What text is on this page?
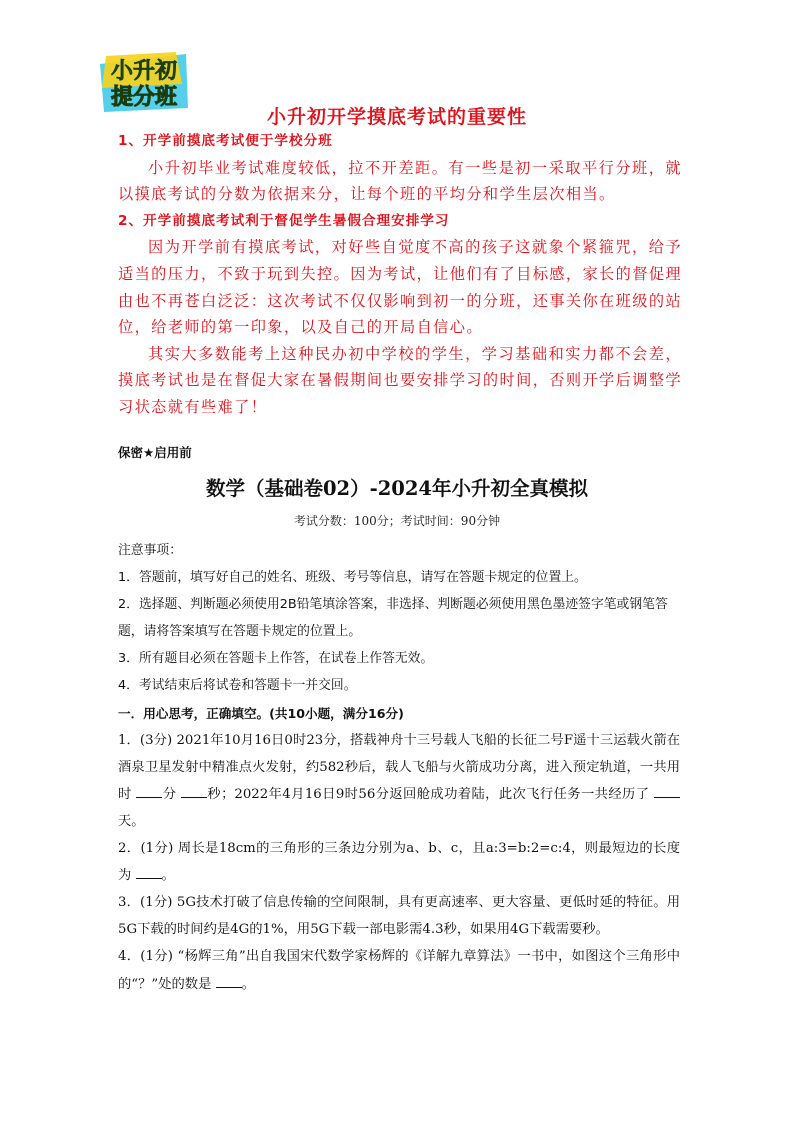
小升初
提分班
小升初开学摸底考试的重要性
1、开学前摸底考试便于学校分班
小升初毕业考试难度较低，拉不开差距。有一些是初一采取平行分班，就以摸底考试的分数为依据来分，让每个班的平均分和学生层次相当。
2、开学前摸底考试利于督促学生暑假合理安排学习
因为开学前有摸底考试，对好些自觉度不高的孩子这就象个紧箍咒，给予适当的压力，不致于玩到失控。因为考试，让他们有了目标感，家长的督促理由也不再苍白泛泛：这次考试不仅仅影响到初一的分班，还事关你在班级的站位，给老师的第一印象，以及自己的开局自信心。
其实大多数能考上这种民办初中学校的学生，学习基础和实力都不会差，摸底考试也是在督促大家在暑假期间也要安排学习的时间，否则开学后调整学习状态就有些难了！
保密★启用前
数学（基础卷02）-2024年小升初全真模拟
考试分数：100分；考试时间：90分钟
注意事项：
1．答题前，填写好自己的姓名、班级、考号等信息，请写在答题卡规定的位置上。
2．选择题、判断题必须使用2B铅笔填涂答案，非选择、判断题必须使用黑色墨迹签字笔或钢笔答题，请将答案填写在答题卡规定的位置上。
3．所有题目必须在答题卡上作答，在试卷上作答无效。
4．考试结束后将试卷和答题卡一并交回。
一．用心思考，正确填空。(共10小题，满分16分)
1．(3分) 2021年10月16日0时23分，搭载神舟十三号载人飞船的长征二号F遥十三运载火箭在酒泉卫星发射中精准点火发射，约582秒后，载人飞船与火箭成功分离，进入预定轨道，一共用时 分 秒；2022年4月16日9时56分返回舱成功着陆，此次飞行任务一共经历了 天。
2．(1分) 周长是18cm的三角形的三条边分别为a、b、c，且a:3=b:2=c:4，则最短边的长度为 。
3．(1分) 5G技术打破了信息传输的空间限制，具有更高速率、更大容量、更低时延的特征。用5G下载的时间约是4G的1%，用5G下载一部电影需4.3秒，如果用4G下载需要秒。
4．(1分) “杨辉三角”出自我国宋代数学家杨辉的《详解九章算法》一书中，如图这个三角形中的“？”处的数是 。
